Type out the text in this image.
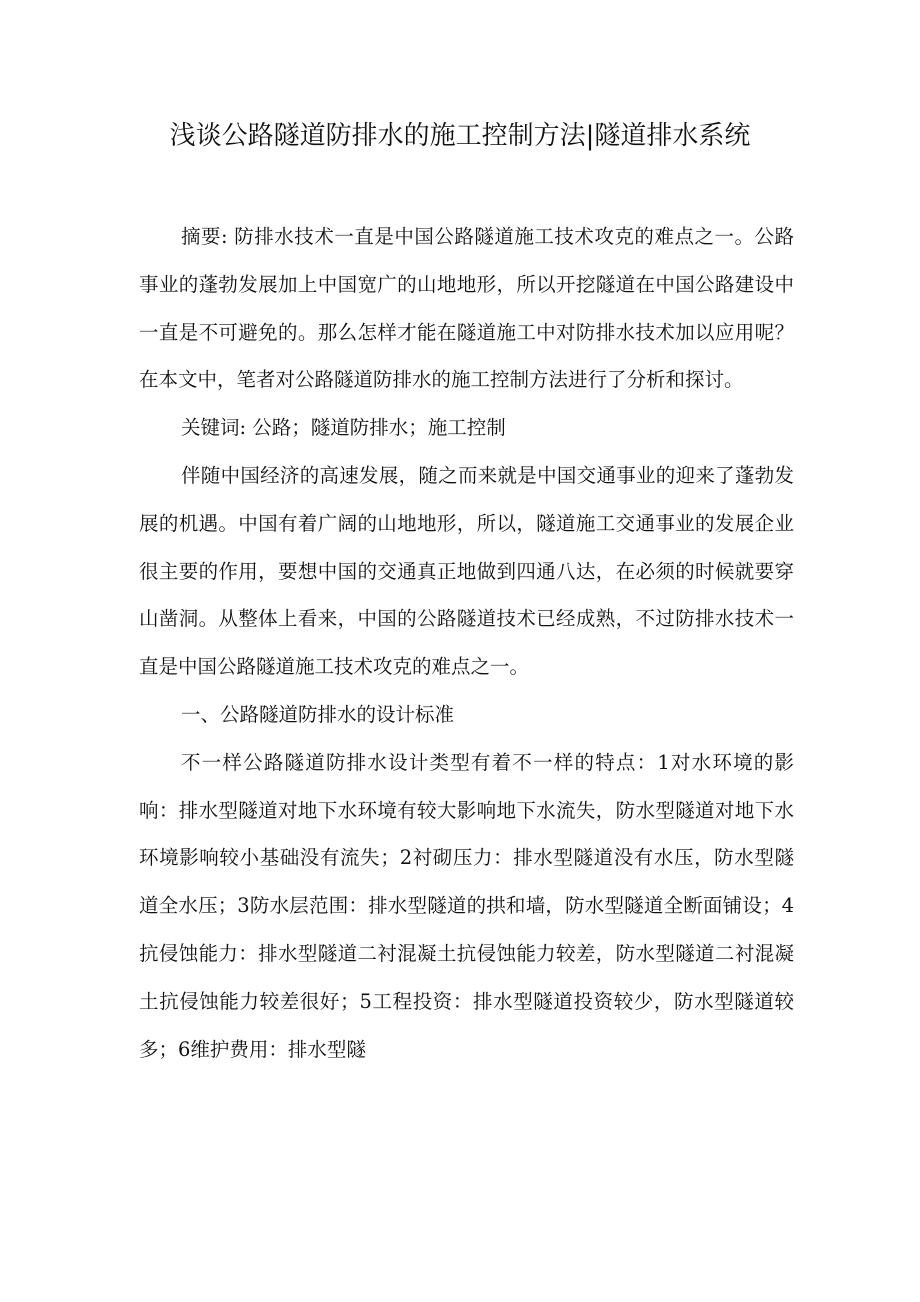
浅谈公路隧道防排水的施工控制方法|隧道排水系统

摘要: 防排水技术一直是中国公路隧道施工技术攻克的难点之一。公路事业的蓬勃发展加上中国宽广的山地地形，所以开挖隧道在中国公路建设中一直是不可避免的。那么怎样才能在隧道施工中对防排水技术加以应用呢？在本文中，笔者对公路隧道防排水的施工控制方法进行了分析和探讨。

关键词: 公路；隧道防排水；施工控制

伴随中国经济的高速发展，随之而来就是中国交通事业的迎来了蓬勃发展的机遇。中国有着广阔的山地地形，所以，隧道施工交通事业的发展企业很主要的作用，要想中国的交通真正地做到四通八达，在必须的时候就要穿山凿洞。从整体上看来，中国的公路隧道技术已经成熟，不过防排水技术一直是中国公路隧道施工技术攻克的难点之一。

一、公路隧道防排水的设计标准

不一样公路隧道防排水设计类型有着不一样的特点：1对水环境的影响：排水型隧道对地下水环境有较大影响地下水流失，防水型隧道对地下水环境影响较小基础没有流失；2衬砌压力：排水型隧道没有水压，防水型隧道全水压；3防水层范围：排水型隧道的拱和墙，防水型隧道全断面铺设；4抗侵蚀能力：排水型隧道二衬混凝土抗侵蚀能力较差，防水型隧道二衬混凝土抗侵蚀能力较差很好；5工程投资：排水型隧道投资较少，防水型隧道较多；6维护费用：排水型隧
